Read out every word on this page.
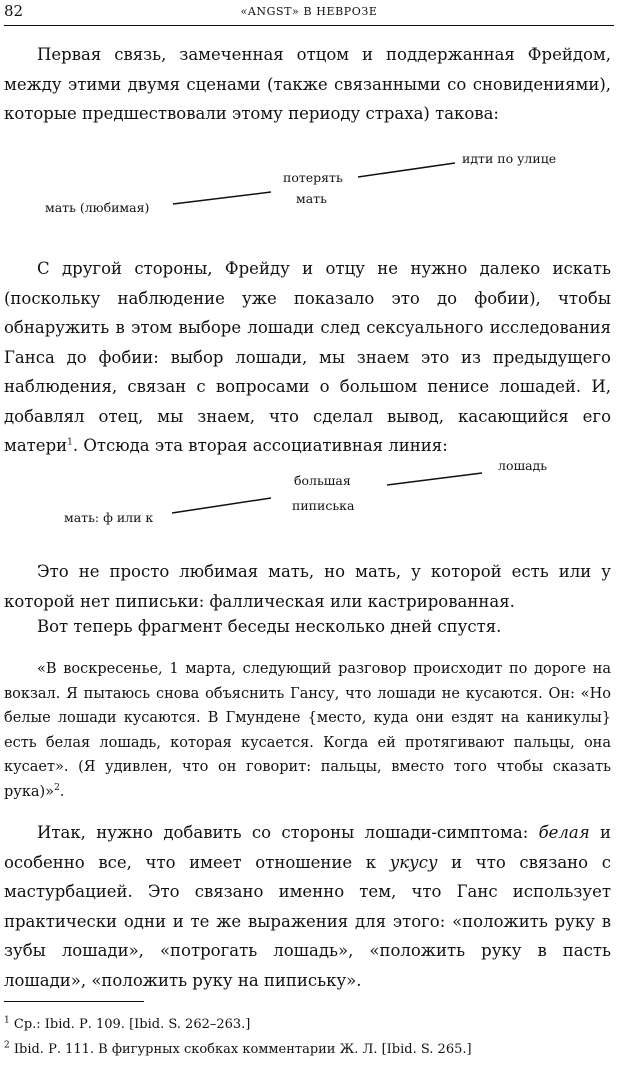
82	«ANGST» В НЕВРОЗЕ

Первая связь, замеченная отцом и поддержанная Фрейдом, между этими двумя сценами (также связанными со сновидениями), которые предшествовали этому периоду страха) такова:

мать (любимая)
потерять
мать
идти по улице

С другой стороны, Фрейду и отцу не нужно далеко искать (поскольку наблюдение уже показало это до фобии), чтобы обнаружить в этом выборе лошади след сексуального исследования Ганса до фобии: выбор лошади, мы знаем это из предыдущего наблюдения, связан с вопросами о большом пенисе лошадей. И, добавлял отец, мы знаем, что сделал вывод, касающийся его матери$^1$. Отсюда эта вторая ассоциативная линия:

мать: ф или к
большая
пиписька
лошадь

Это не просто любимая мать, но мать, у которой есть или у которой нет пиписьки: фаллическая или кастрированная.

Вот теперь фрагмент беседы несколько дней спустя.

«В воскресенье, 1 марта, следующий разговор происходит по дороге на вокзал. Я пытаюсь снова объяснить Гансу, что лошади не кусаются. Он: «Но белые лошади кусаются. В Гмундене {место, куда они ездят на каникулы} есть белая лошадь, которая кусается. Когда ей протягивают пальцы, она кусает». (Я удивлен, что он говорит: пальцы, вместо того чтобы сказать рука)»$^2$.

Итак, нужно добавить со стороны лошади-симптома: белая и особенно все, что имеет отношение к укусу и что связано с мастурбацией. Это связано именно тем, что Ганс использует практически одни и те же выражения для этого: «положить руку в зубы лошади», «потрогать лошадь», «положить руку в пасть лошади», «положить руку на пипиську».

$^1$ Ср.: Ibid. Р. 109. [Ibid. S. 262–263.]
$^2$ Ibid. Р. 111. В фигурных скобках комментарии Ж. Л. [Ibid. S. 265.]
